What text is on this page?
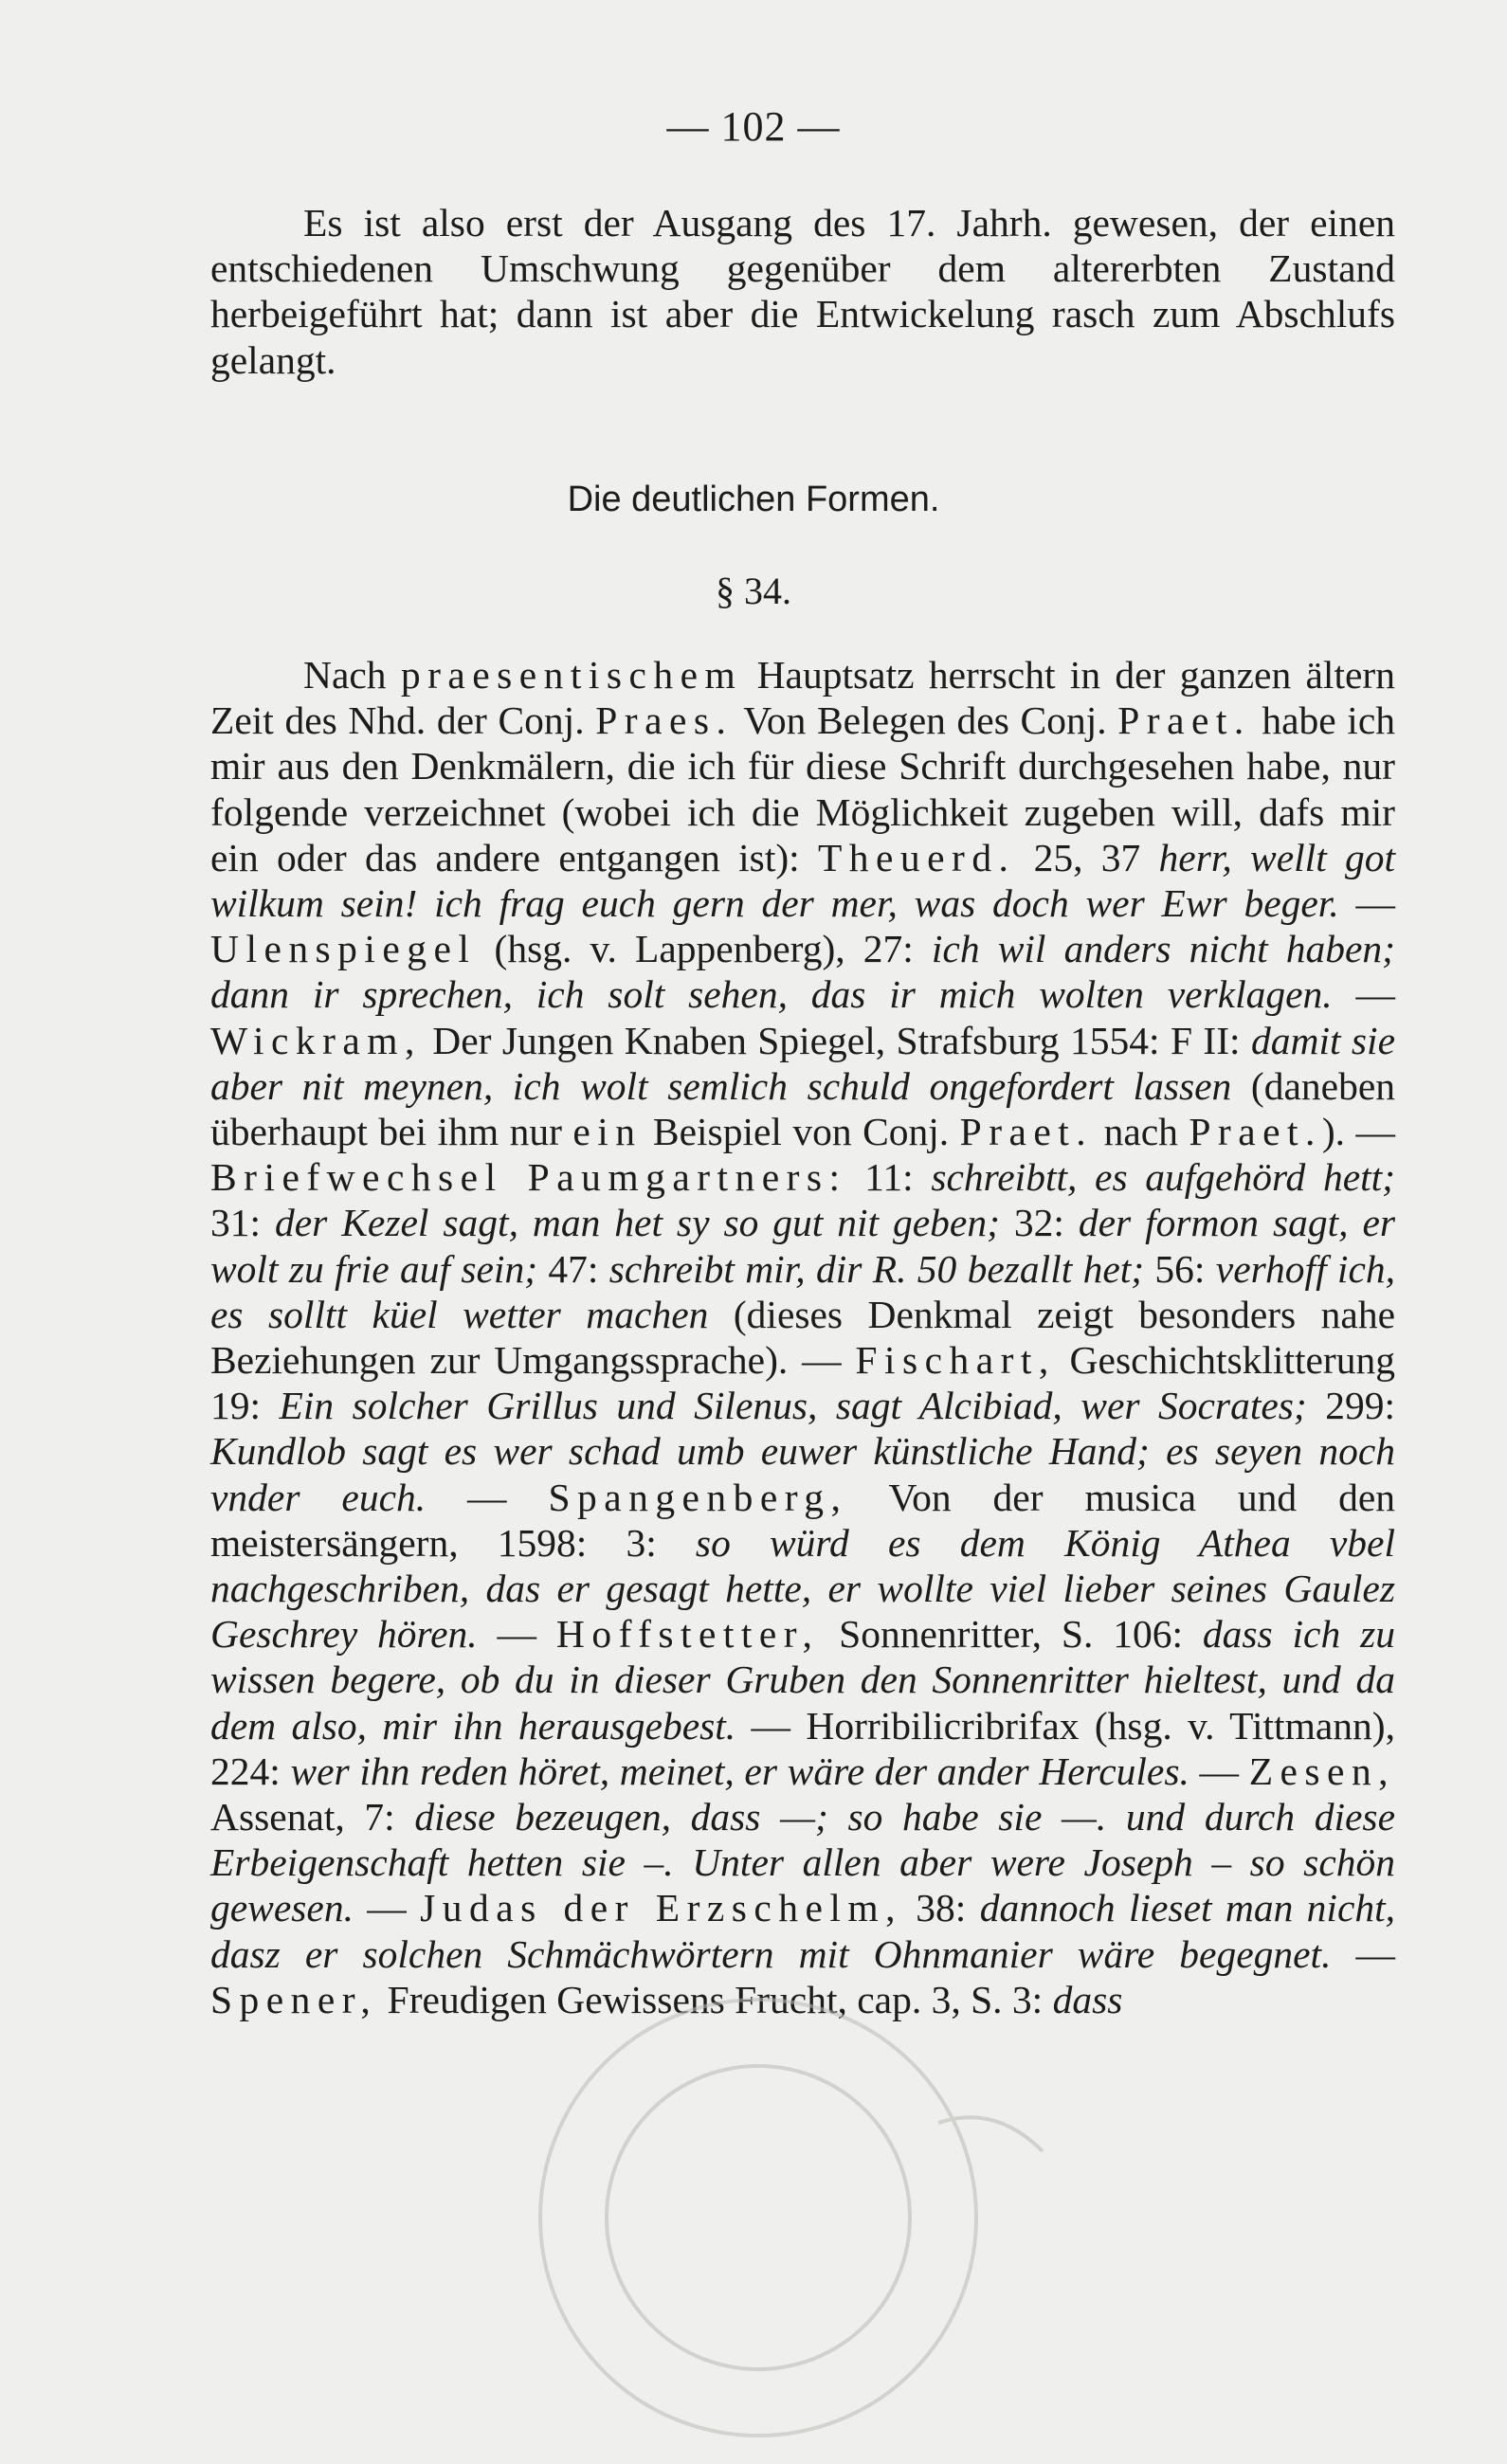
— 102 —

Es ist also erst der Ausgang des 17. Jahrh. gewesen, der einen entschiedenen Umschwung gegenüber dem altererbten Zustand herbeigeführt hat; dann ist aber die Entwickelung rasch zum Abschlufs gelangt.

Die deutlichen Formen.
§ 34.

Nach praesentischem Hauptsatz herrscht in der ganzen ältern Zeit des Nhd. der Conj. Praes. Von Belegen des Conj. Praet. habe ich mir aus den Denkmälern, die ich für diese Schrift durchgesehen habe, nur folgende verzeichnet (wobei ich die Möglichkeit zugeben will, dafs mir ein oder das andere entgangen ist): Theuerd. 25, 37 herr, wellt got wilkum sein! ich frag euch gern der mer, was doch wer Ewr beger. — Ulenspiegel (hsg. v. Lappenberg), 27: ich wil anders nicht haben; dann ir sprechen, ich solt sehen, das ir mich wolten verklagen. — Wickram, Der Jungen Knaben Spiegel, Strafsburg 1554: F II: damit sie aber nit meynen, ich wolt semlich schuld ongefordert lassen (daneben überhaupt bei ihm nur ein Beispiel von Conj. Praet. nach Praet.). — Briefwechsel Paumgartners: 11: schreibtt, es aufgehörd hett; 31: der Kezel sagt, man het sy so gut nit geben; 32: der formon sagt, er wolt zu frie auf sein; 47: schreibt mir, dir R. 50 bezallt het; 56: verhoff ich, es solltt küel wetter machen (dieses Denkmal zeigt besonders nahe Beziehungen zur Umgangssprache). — Fischart, Geschichtsklitterung 19: Ein solcher Grillus und Silenus, sagt Alcibiad, wer Socrates; 299: Kundlob sagt es wer schad umb euwer künstliche Hand; es seyen noch vnder euch. — Spangenberg, Von der musica und den meistersängern, 1598: 3: so würd es dem König Athea vbel nachgeschriben, das er gesagt hette, er wollte viel lieber seines Gaulez Geschrey hören. — Hoffstetter, Sonnenritter, S. 106: dass ich zu wissen begere, ob du in dieser Gruben den Sonnenritter hieltest, und da dem also, mir ihn herausgebest. — Horribilicribrifax (hsg. v. Tittmann), 224: wer ihn reden höret, meinet, er wäre der ander Hercules. — Zesen, Assenat, 7: diese bezeugen, dass —; so habe sie —. und durch diese Erbeigenschaft hetten sie –. Unter allen aber were Joseph – so schön gewesen. — Judas der Erzschelm, 38: dannoch lieset man nicht, dasz er solchen Schmächwörtern mit Ohnmanier wäre begegnet. — Spener, Freudigen Gewissens Frucht, cap. 3, S. 3: dass
